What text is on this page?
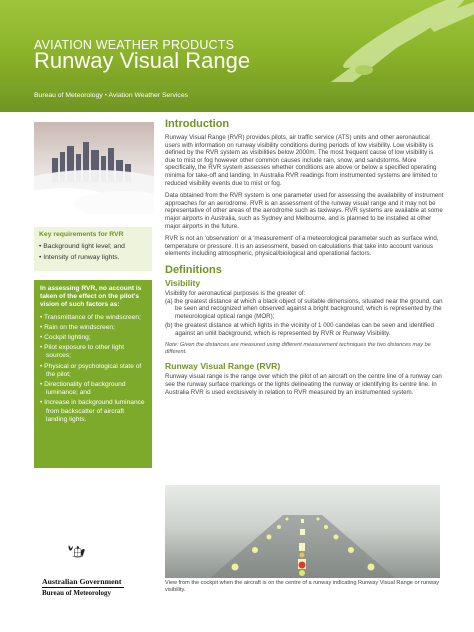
AVIATION WEATHER PRODUCTS
Runway Visual Range
Bureau of Meteorology • Aviation Weather Services
Key requirements for RVR
• Background light level; and
• Intensity of runway lights.
In assessing RVR, no account is taken of the effect on the pilot's vision of such factors as:
• Transmittance of the windscreen;
• Rain on the windscreen;
• Cockpit lighting;
• Pilot exposure to other light sources;
• Physical or psychological state of the pilot;
• Directionality of background luminance; and
• Increase in background luminance from backscatter of aircraft landing lights.
Introduction

Runway Visual Range (RVR) provides pilots, air traffic service (ATS) units and other aeronautical users with information on runway visibility conditions during periods of low visibility. Low visibility is defined by the RVR system as visibilities below 2000m. The most frequent cause of low visibility is due to mist or fog however other common causes include rain, snow, and sandstorms. More specifically, the RVR system assesses whether conditions are above or below a specified operating minima for take-off and landing. In Australia RVR readings from instrumented systems are limited to reduced visibility events due to mist or fog.

Data obtained from the RVR system is one parameter used for assessing the availability of instrument approaches for an aerodrome. RVR is an assessment of the runway visual range and it may not be representative of other areas of the aerodrome such as taxiways. RVR systems are available at some major airports in Australia, such as Sydney and Melbourne, and is planned to be installed at other major airports in the future.

RVR is not an 'observation' or a 'measurement' of a meteorological parameter such as surface wind, temperature or pressure. It is an assessment, based on calculations that take into account various elements including atmospheric, physical/biological and operational factors.

Definitions
Visibility

Visibility for aeronautical purposes is the greater of:

(a) the greatest distance at which a black object of suitable dimensions, situated near the ground, can be seen and recognized when observed against a bright background, which is represented by the meteorological optical range (MOR);

(b) the greatest distance at which lights in the vicinity of 1 000 candelas can be seen and identified against an unlit background, which is represented by RVR or Runway Visibility.

Note: Given the distances are measured using different measurement techniques the two distances may be different.

Runway Visual Range (RVR)

Runway visual range is the range over which the pilot of an aircraft on the centre line of a runway can see the runway surface markings or the lights delineating the runway or identifying its centre line. In Australia RVR is used exclusively in relation to RVR measured by an instrumented system.

View from the cockpit when the aircraft is on the centre of a runway indicating Runway Visual Range or runway visibility.
Australian Government
Bureau of Meteorology
